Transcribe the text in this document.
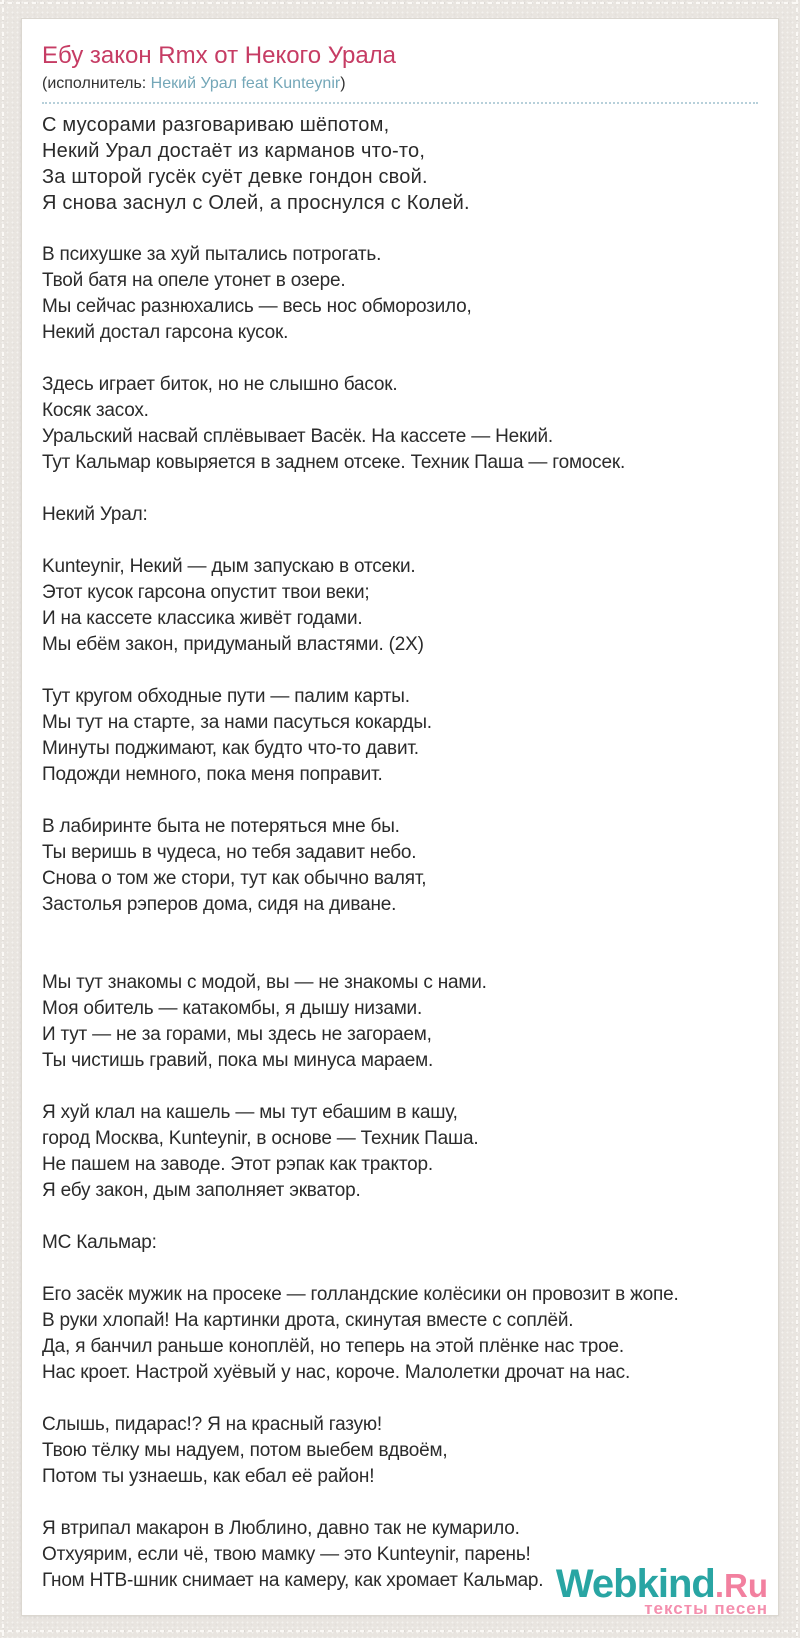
Ебу закон Rmx от Некого Урала
(исполнитель: Некий Урал feat Kunteynir)
С мусорами разговариваю шёпотом,
Некий Урал достаёт из карманов что-то,
За шторой гусёк суёт девке гондон свой.
Я снова заснул с Олей, а проснулся с Колей.
В психушке за хуй пытались потрогать.
Твой батя на опеле утонет в озере.
Мы сейчас разнюхались — весь нос обморозило,
Некий достал гарсона кусок.
Здесь играет биток, но не слышно басок.
Косяк засох.
Уральский насвай сплёвывает Васёк. На кассете — Некий.
Тут Кальмар ковыряется в заднем отсеке. Техник Паша — гомосек.
Некий Урал:
Kunteynir, Некий — дым запускаю в отсеки.
Этот кусок гарсона опустит твои веки;
И на кассете классика живёт годами.
Мы ебём закон, придуманый властями. (2X)
Тут кругом обходные пути — палим карты.
Мы тут на старте, за нами пасуться кокарды.
Минуты поджимают, как будто что-то давит.
Подожди немного, пока меня поправит.
В лабиринте быта не потеряться мне бы.
Ты веришь в чудеса, но тебя задавит небо.
Снова о том же стори, тут как обычно валят,
Застолья рэперов дома, сидя на диване.
Мы тут знакомы с модой, вы — не знакомы с нами.
Моя обитель — катакомбы, я дышу низами.
И тут — не за горами, мы здесь не загораем,
Ты чистишь гравий, пока мы минуса мараем.
Я хуй клал на кашель — мы тут ебашим в кашу,
город Москва, Kunteynir, в основе — Техник Паша.
Не пашем на заводе. Этот рэпак как трактор.
Я ебу закон, дым заполняет экватор.
MC Кальмар:
Его засёк мужик на просеке — голландские колёсики он провозит в жопе.
В руки хлопай! На картинки дрота, скинутая вместе с соплёй.
Да, я банчил раньше коноплёй, но теперь на этой плёнке нас трое.
Нас кроет. Настрой хуёвый у нас, короче. Малолетки дрочат на нас.
Слышь, пидарас!? Я на красный газую!
Твою тёлку мы надуем, потом выебем вдвоём,
Потом ты узнаешь, как ебал её район!
Я втрипал макарон в Люблино, давно так не кумарило.
Отхуярим, если чё, твою мамку — это Kunteynir, парень!
Гном НТВ-шник снимает на камеру, как хромает Кальмар. Webkind.Ru
тексты песен
